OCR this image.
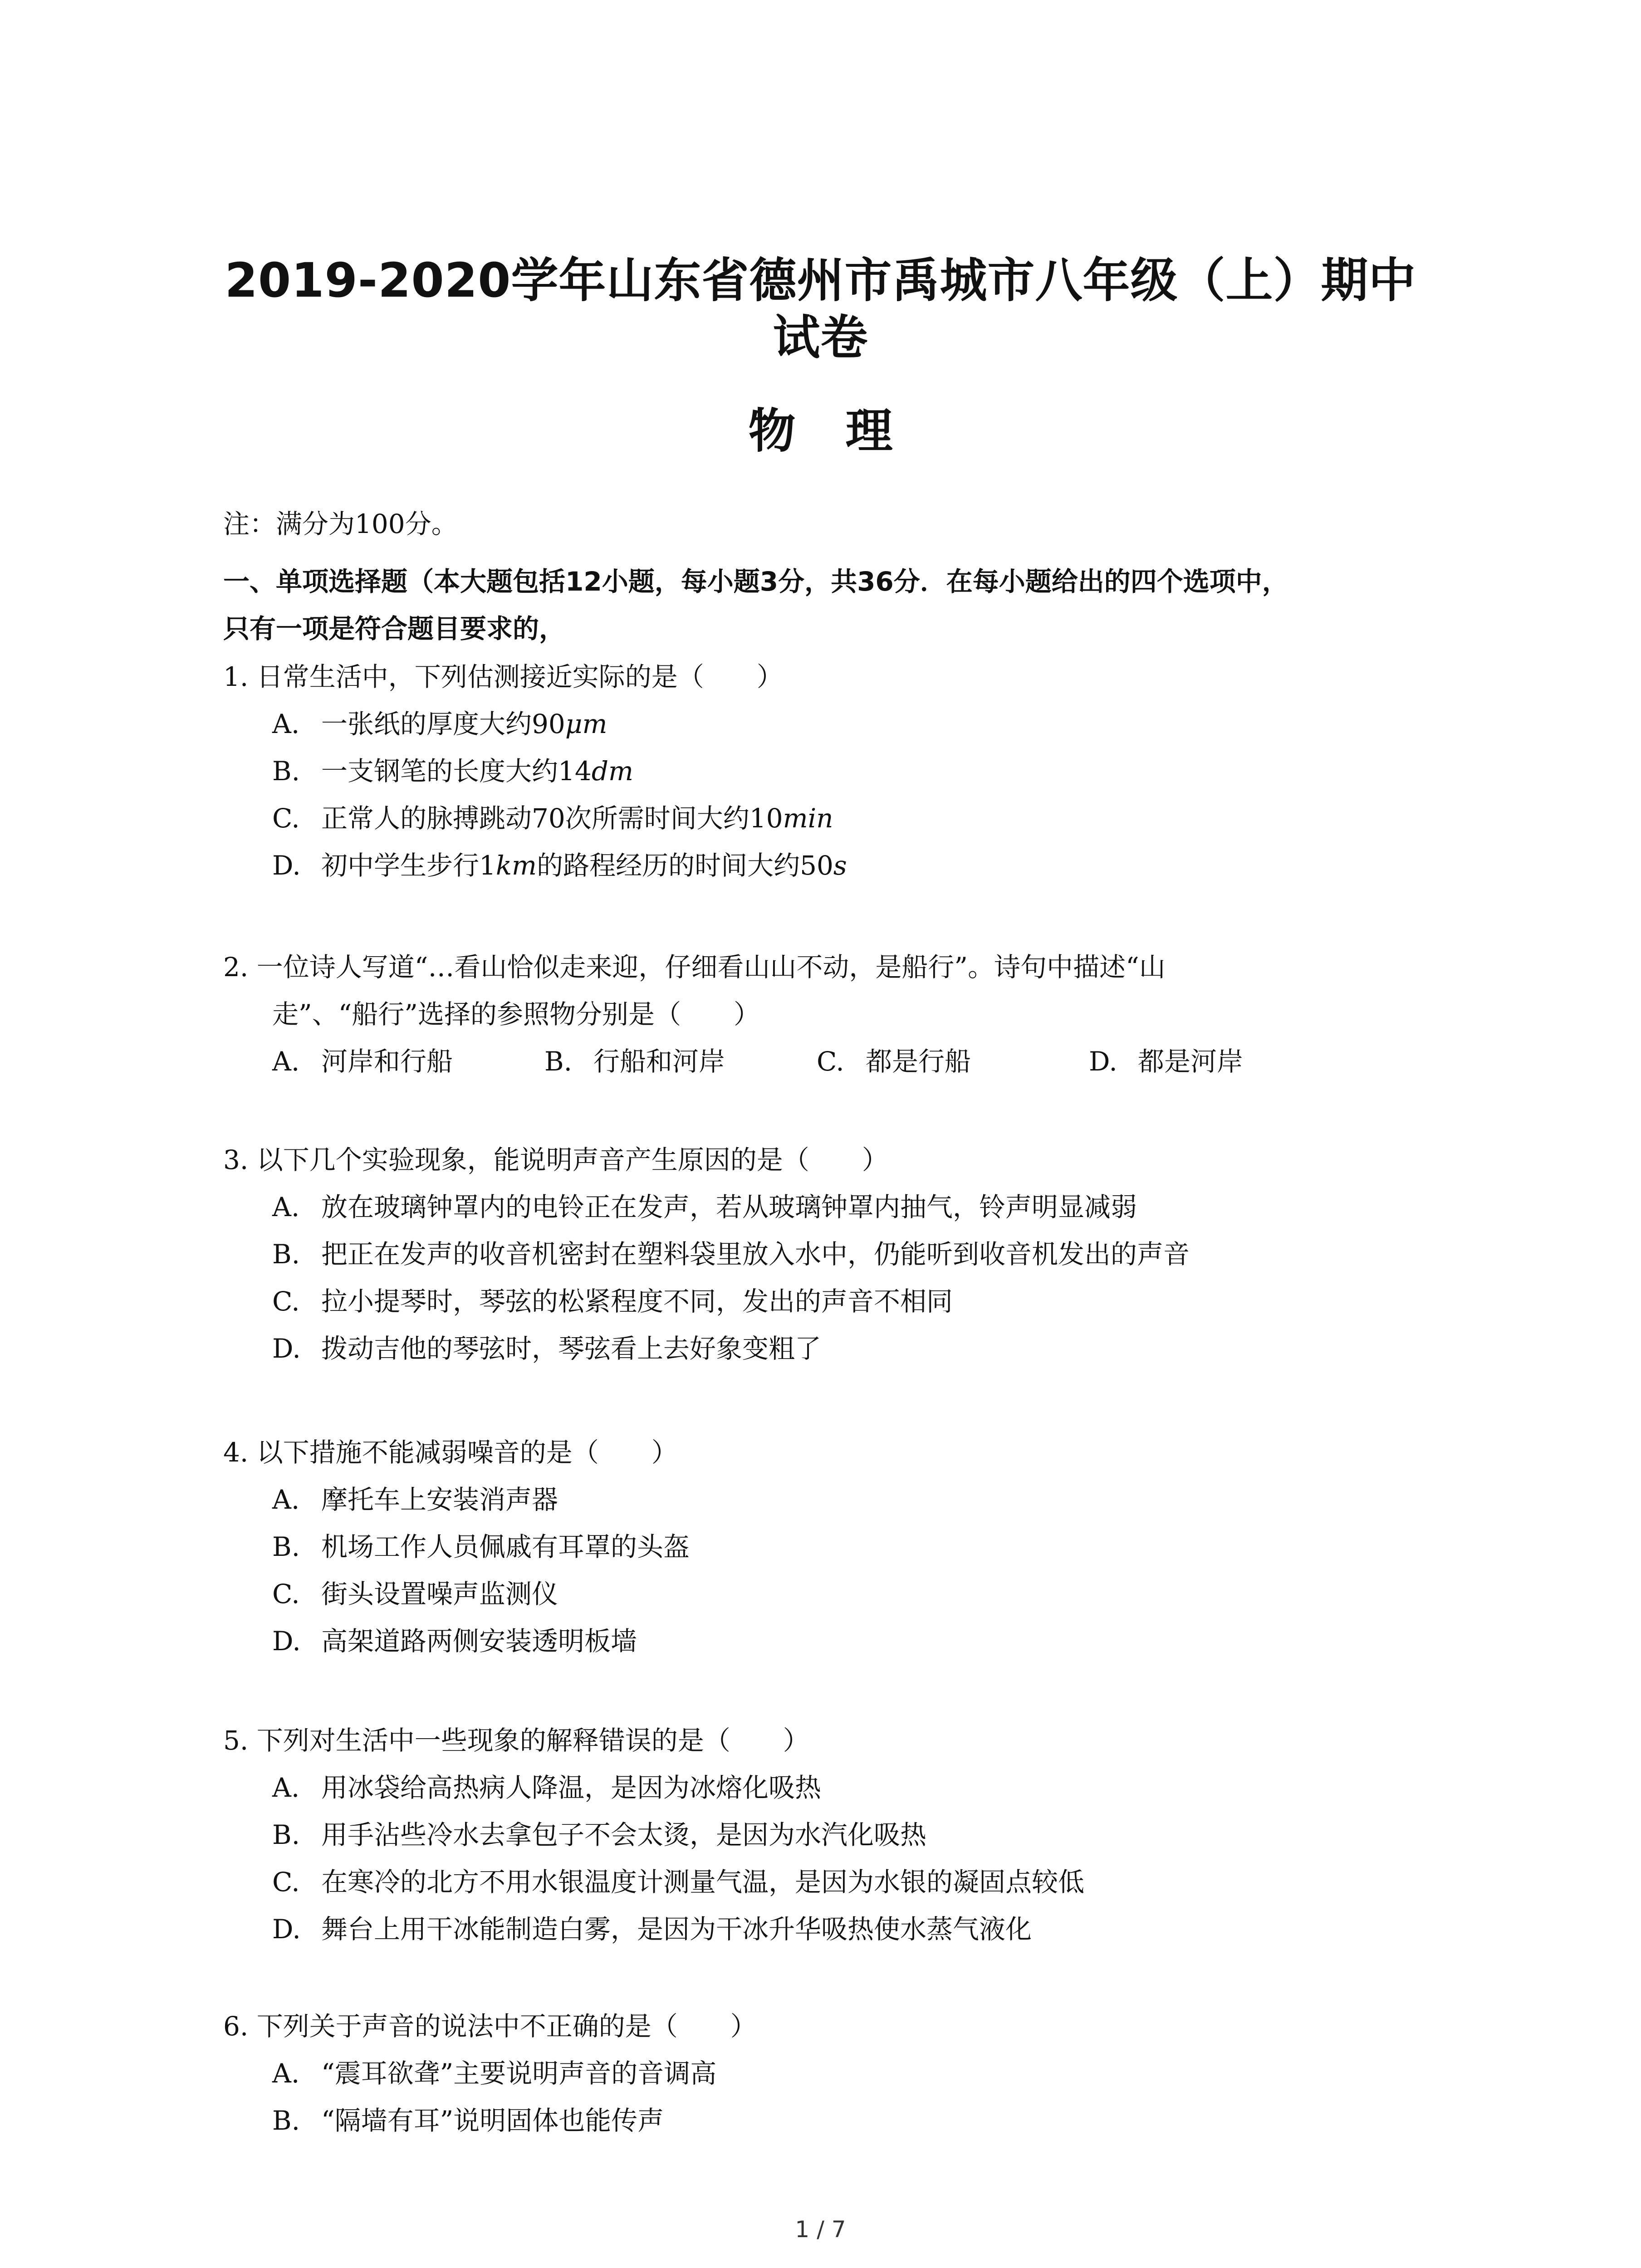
2019-2020学年山东省德州市禹城市八年级（上）期中
试卷
物理
注：满分为100分。
一、单项选择题（本大题包括12小题，每小题3分，共36分．在每小题给出的四个选项中，
只有一项是符合题目要求的，
1. 日常生活中，下列估测接近实际的是（　　）
A. 一张纸的厚度大约90μm
B. 一支钢笔的长度大约14dm
C. 正常人的脉搏跳动70次所需时间大约10min
D. 初中学生步行1km的路程经历的时间大约50s
2. 一位诗人写道“…看山恰似走来迎，仔细看山山不动，是船行”。诗句中描述“山
走”、“船行”选择的参照物分别是（　　）
A. 河岸和行船	B. 行船和河岸	C. 都是行船	D. 都是河岸
3. 以下几个实验现象，能说明声音产生原因的是（　　）
A. 放在玻璃钟罩内的电铃正在发声，若从玻璃钟罩内抽气，铃声明显减弱
B. 把正在发声的收音机密封在塑料袋里放入水中，仍能听到收音机发出的声音
C. 拉小提琴时，琴弦的松紧程度不同，发出的声音不相同
D. 拨动吉他的琴弦时，琴弦看上去好象变粗了
4. 以下措施不能减弱噪音的是（　　）
A. 摩托车上安装消声器
B. 机场工作人员佩戚有耳罩的头盔
C. 街头设置噪声监测仪
D. 高架道路两侧安装透明板墙
5. 下列对生活中一些现象的解释错误的是（　　）
A. 用冰袋给高热病人降温，是因为冰熔化吸热
B. 用手沾些冷水去拿包子不会太烫，是因为水汽化吸热
C. 在寒冷的北方不用水银温度计测量气温，是因为水银的凝固点较低
D. 舞台上用干冰能制造白雾，是因为干冰升华吸热使水蒸气液化
6. 下列关于声音的说法中不正确的是（　　）
A. “震耳欲聋”主要说明声音的音调高
B. “隔墙有耳”说明固体也能传声
1 / 7
